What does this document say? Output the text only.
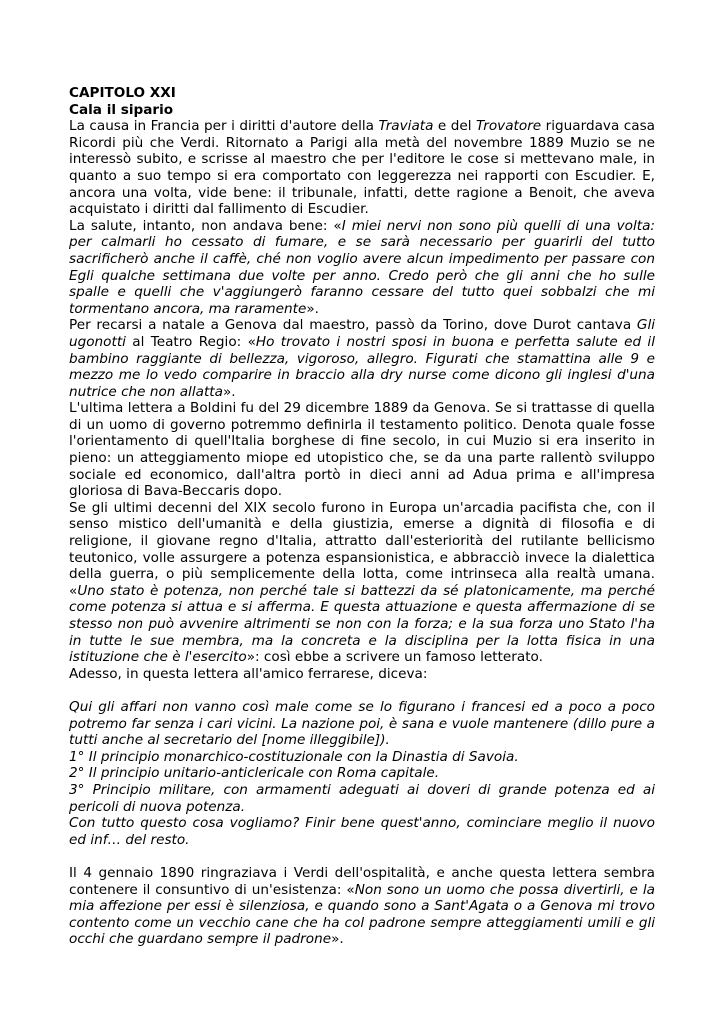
CAPITOLO XXI

Cala il sipario

La causa in Francia per i diritti d'autore della Traviata e del Trovatore riguardava casa Ricordi più che Verdi. Ritornato a Parigi alla metà del novembre 1889 Muzio se ne interessò subito, e scrisse al maestro che per l'editore le cose si mettevano male, in quanto a suo tempo si era comportato con leggerezza nei rapporti con Escudier. E, ancora una volta, vide bene: il tribunale, infatti, dette ragione a Benoit, che aveva acquistato i diritti dal fallimento di Escudier.

La salute, intanto, non andava bene: «I miei nervi non sono più quelli di una volta: per calmarli ho cessato di fumare, e se sarà necessario per guarirli del tutto sacrificherò anche il caffè, ché non voglio avere alcun impedimento per passare con Egli qualche settimana due volte per anno. Credo però che gli anni che ho sulle spalle e quelli che v'aggiungerò faranno cessare del tutto quei sobbalzi che mi tormentano ancora, ma raramente».

Per recarsi a natale a Genova dal maestro, passò da Torino, dove Durot cantava Gli ugonotti al Teatro Regio: «Ho trovato i nostri sposi in buona e perfetta salute ed il bambino raggiante di bellezza, vigoroso, allegro. Figurati che stamattina alle 9 e mezzo me lo vedo comparire in braccio alla dry nurse come dicono gli inglesi d'una nutrice che non allatta».

L'ultima lettera a Boldini fu del 29 dicembre 1889 da Genova. Se si trattasse di quella di un uomo di governo potremmo definirla il testamento politico. Denota quale fosse l'orientamento di quell'Italia borghese di fine secolo, in cui Muzio si era inserito in pieno: un atteggiamento miope ed utopistico che, se da una parte rallentò sviluppo sociale ed economico, dall'altra portò in dieci anni ad Adua prima e all'impresa gloriosa di Bava-Beccaris dopo.

Se gli ultimi decenni del XIX secolo furono in Europa un'arcadia pacifista che, con il senso mistico dell'umanità e della giustizia, emerse a dignità di filosofia e di religione, il giovane regno d'Italia, attratto dall'esteriorità del rutilante bellicismo teutonico, volle assurgere a potenza espansionistica, e abbracciò invece la dialettica della guerra, o più semplicemente della lotta, come intrinseca alla realtà umana. «Uno stato è potenza, non perché tale si battezzi da sé platonicamente, ma perché come potenza si attua e si afferma. E questa attuazione e questa affermazione di se stesso non può avvenire altrimenti se non con la forza; e la sua forza uno Stato l'ha in tutte le sue membra, ma la concreta e la disciplina per la lotta fisica in una istituzione che è l'esercito»: così ebbe a scrivere un famoso letterato.

Adesso, in questa lettera all'amico ferrarese, diceva:

Qui gli affari non vanno così male come se lo figurano i francesi ed a poco a poco potremo far senza i cari vicini. La nazione poi, è sana e vuole mantenere (dillo pure a tutti anche al secretario del [nome illeggibile]).

1° Il principio monarchico-costituzionale con la Dinastia di Savoia.

2° Il principio unitario-anticlericale con Roma capitale.

3° Principio militare, con armamenti adeguati ai doveri di grande potenza ed ai pericoli di nuova potenza.

Con tutto questo cosa vogliamo? Finir bene quest'anno, cominciare meglio il nuovo ed inf… del resto.

Il 4 gennaio 1890 ringraziava i Verdi dell'ospitalità, e anche questa lettera sembra contenere il consuntivo di un'esistenza: «Non sono un uomo che possa divertirli, e la mia affezione per essi è silenziosa, e quando sono a Sant'Agata o a Genova mi trovo contento come un vecchio cane che ha col padrone sempre atteggiamenti umili e gli occhi che guardano sempre il padrone».
